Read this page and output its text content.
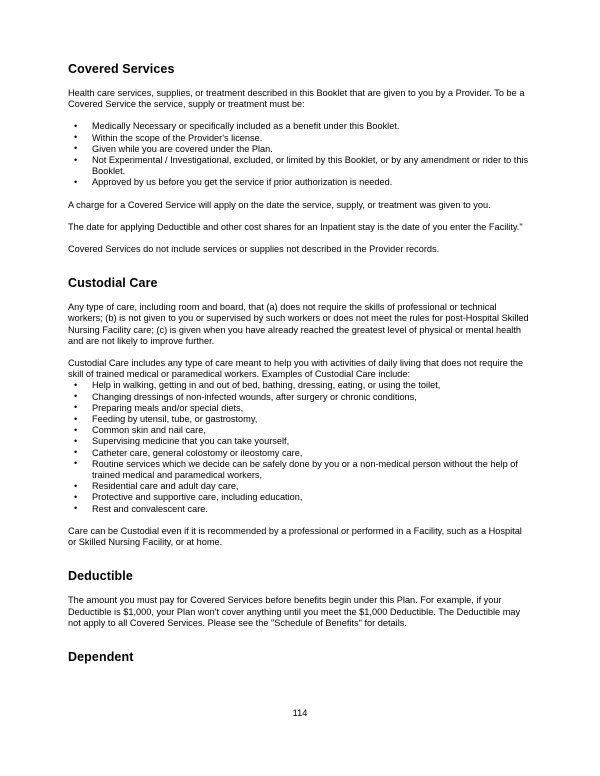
Covered Services

Health care services, supplies, or treatment described in this Booklet that are given to you by a Provider. To be a Covered Service the service, supply or treatment must be:

• Medically Necessary or specifically included as a benefit under this Booklet.
• Within the scope of the Provider's license.
• Given while you are covered under the Plan.
• Not Experimental / Investigational, excluded, or limited by this Booklet, or by any amendment or rider to this Booklet.
• Approved by us before you get the service if prior authorization is needed.

A charge for a Covered Service will apply on the date the service, supply, or treatment was given to you.

The date for applying Deductible and other cost shares for an Inpatient stay is the date of you enter the Facility."

Covered Services do not include services or supplies not described in the Provider records.

Custodial Care

Any type of care, including room and board, that (a) does not require the skills of professional or technical workers; (b) is not given to you or supervised by such workers or does not meet the rules for post-Hospital Skilled Nursing Facility care; (c) is given when you have already reached the greatest level of physical or mental health and are not likely to improve further.

Custodial Care includes any type of care meant to help you with activities of daily living that does not require the skill of trained medical or paramedical workers. Examples of Custodial Care include:

• Help in walking, getting in and out of bed, bathing, dressing, eating, or using the toilet,
• Changing dressings of non-infected wounds, after surgery or chronic conditions,
• Preparing meals and/or special diets,
• Feeding by utensil, tube, or gastrostomy,
• Common skin and nail care,
• Supervising medicine that you can take yourself,
• Catheter care, general colostomy or ileostomy care,
• Routine services which we decide can be safely done by you or a non-medical person without the help of trained medical and paramedical workers,
• Residential care and adult day care,
• Protective and supportive care, including education,
• Rest and convalescent care.

Care can be Custodial even if it is recommended by a professional or performed in a Facility, such as a Hospital or Skilled Nursing Facility, or at home.

Deductible

The amount you must pay for Covered Services before benefits begin under this Plan. For example, if your Deductible is $1,000, your Plan won't cover anything until you meet the $1,000 Deductible. The Deductible may not apply to all Covered Services. Please see the "Schedule of Benefits" for details.

Dependent
114
